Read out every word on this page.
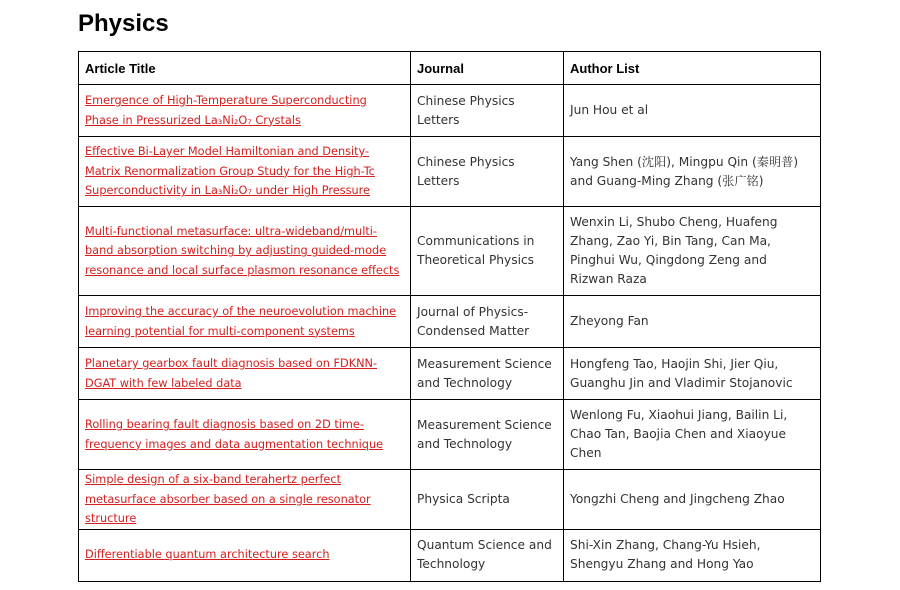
Physics
Article Title	Journal	Author List
Emergence of High-Temperature Superconducting Phase in Pressurized La₃Ni₂O₇ Crystals	Chinese Physics Letters	Jun Hou et al
Effective Bi-Layer Model Hamiltonian and Density-Matrix Renormalization Group Study for the High-Tc Superconductivity in La₃Ni₂O₇ under High Pressure	Chinese Physics Letters	Yang Shen (沈阳), Mingpu Qin (秦明普) and Guang-Ming Zhang (张广铭)
Multi-functional metasurface: ultra-wideband/multi-band absorption switching by adjusting guided-mode resonance and local surface plasmon resonance effects	Communications in Theoretical Physics	Wenxin Li, Shubo Cheng, Huafeng Zhang, Zao Yi, Bin Tang, Can Ma, Pinghui Wu, Qingdong Zeng and Rizwan Raza
Improving the accuracy of the neuroevolution machine learning potential for multi-component systems	Journal of Physics-Condensed Matter	Zheyong Fan
Planetary gearbox fault diagnosis based on FDKNN-DGAT with few labeled data	Measurement Science and Technology	Hongfeng Tao, Haojin Shi, Jier Qiu, Guanghu Jin and Vladimir Stojanovic
Rolling bearing fault diagnosis based on 2D time-frequency images and data augmentation technique	Measurement Science and Technology	Wenlong Fu, Xiaohui Jiang, Bailin Li, Chao Tan, Baojia Chen and Xiaoyue Chen
Simple design of a six-band terahertz perfect metasurface absorber based on a single resonator structure	Physica Scripta	Yongzhi Cheng and Jingcheng Zhao
Differentiable quantum architecture search	Quantum Science and Technology	Shi-Xin Zhang, Chang-Yu Hsieh, Shengyu Zhang and Hong Yao
